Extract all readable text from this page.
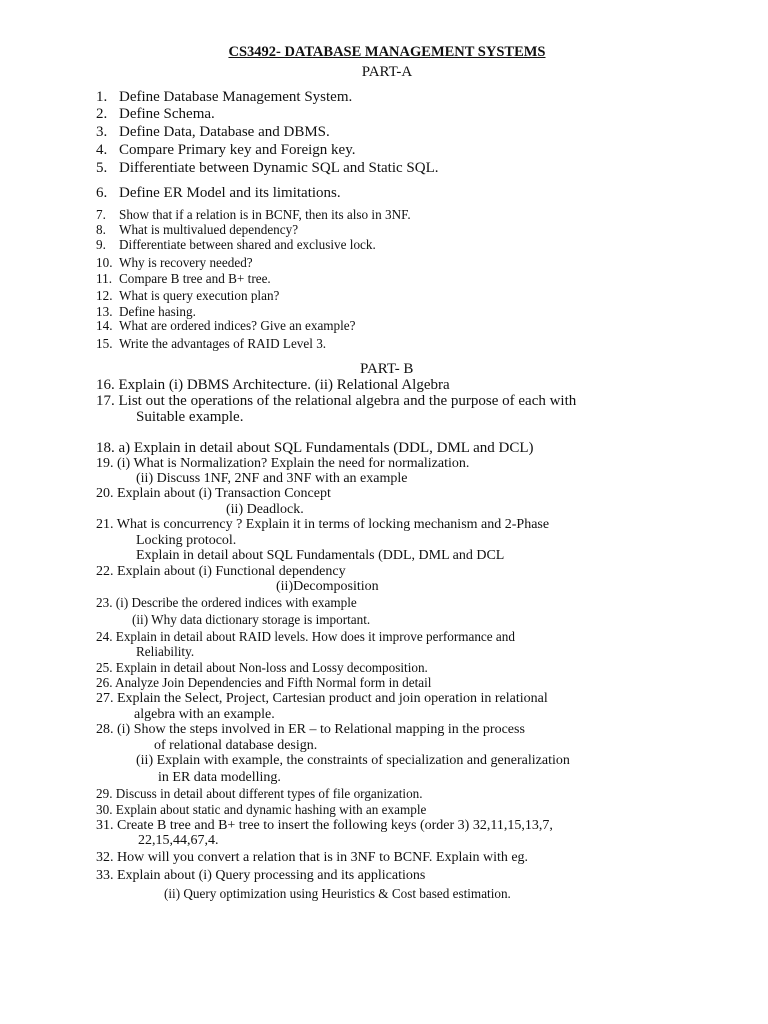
CS3492- DATABASE MANAGEMENT SYSTEMS
PART-A
1. Define Database Management System.
2. Define Schema.
3. Define Data, Database and DBMS.
4. Compare Primary key and Foreign key.
5. Differentiate between Dynamic SQL and Static SQL.
6. Define ER Model and its limitations.
7. Show that if a relation is in BCNF, then its also in 3NF.
8. What is multivalued dependency?
9. Differentiate between shared and exclusive lock.
10. Why is recovery needed?
11. Compare B tree and B+ tree.
12. What is query execution plan?
13. Define hasing.
14. What are ordered indices? Give an example?
15. Write the advantages of RAID Level 3.
PART- B
16. Explain (i) DBMS Architecture. (ii) Relational Algebra
17. List out the operations of the relational algebra and the purpose of each with
Suitable example.
18. a) Explain in detail about SQL Fundamentals (DDL, DML and DCL)
19. (i) What is Normalization? Explain the need for normalization.
(ii) Discuss 1NF, 2NF and 3NF with an example
20. Explain about (i) Transaction Concept
(ii) Deadlock.
21. What is concurrency ? Explain it in terms of locking mechanism and 2-Phase
Locking protocol.
Explain in detail about SQL Fundamentals (DDL, DML and DCL
22. Explain about (i) Functional dependency
(ii)Decomposition
23. (i) Describe the ordered indices with example
(ii) Why data dictionary storage is important.
24. Explain in detail about RAID levels. How does it improve performance and
Reliability.
25. Explain in detail about Non-loss and Lossy decomposition.
26. Analyze Join Dependencies and Fifth Normal form in detail
27. Explain the Select, Project, Cartesian product and join operation in relational
algebra with an example.
28. (i) Show the steps involved in ER – to Relational mapping in the process
of relational database design.
(ii) Explain with example, the constraints of specialization and generalization
in ER data modelling.
29. Discuss in detail about different types of file organization.
30. Explain about static and dynamic hashing with an example
31. Create B tree and B+ tree to insert the following keys (order 3) 32,11,15,13,7,
22,15,44,67,4.
32. How will you convert a relation that is in 3NF to BCNF. Explain with eg.
33. Explain about (i) Query processing and its applications
(ii) Query optimization using Heuristics & Cost based estimation.
